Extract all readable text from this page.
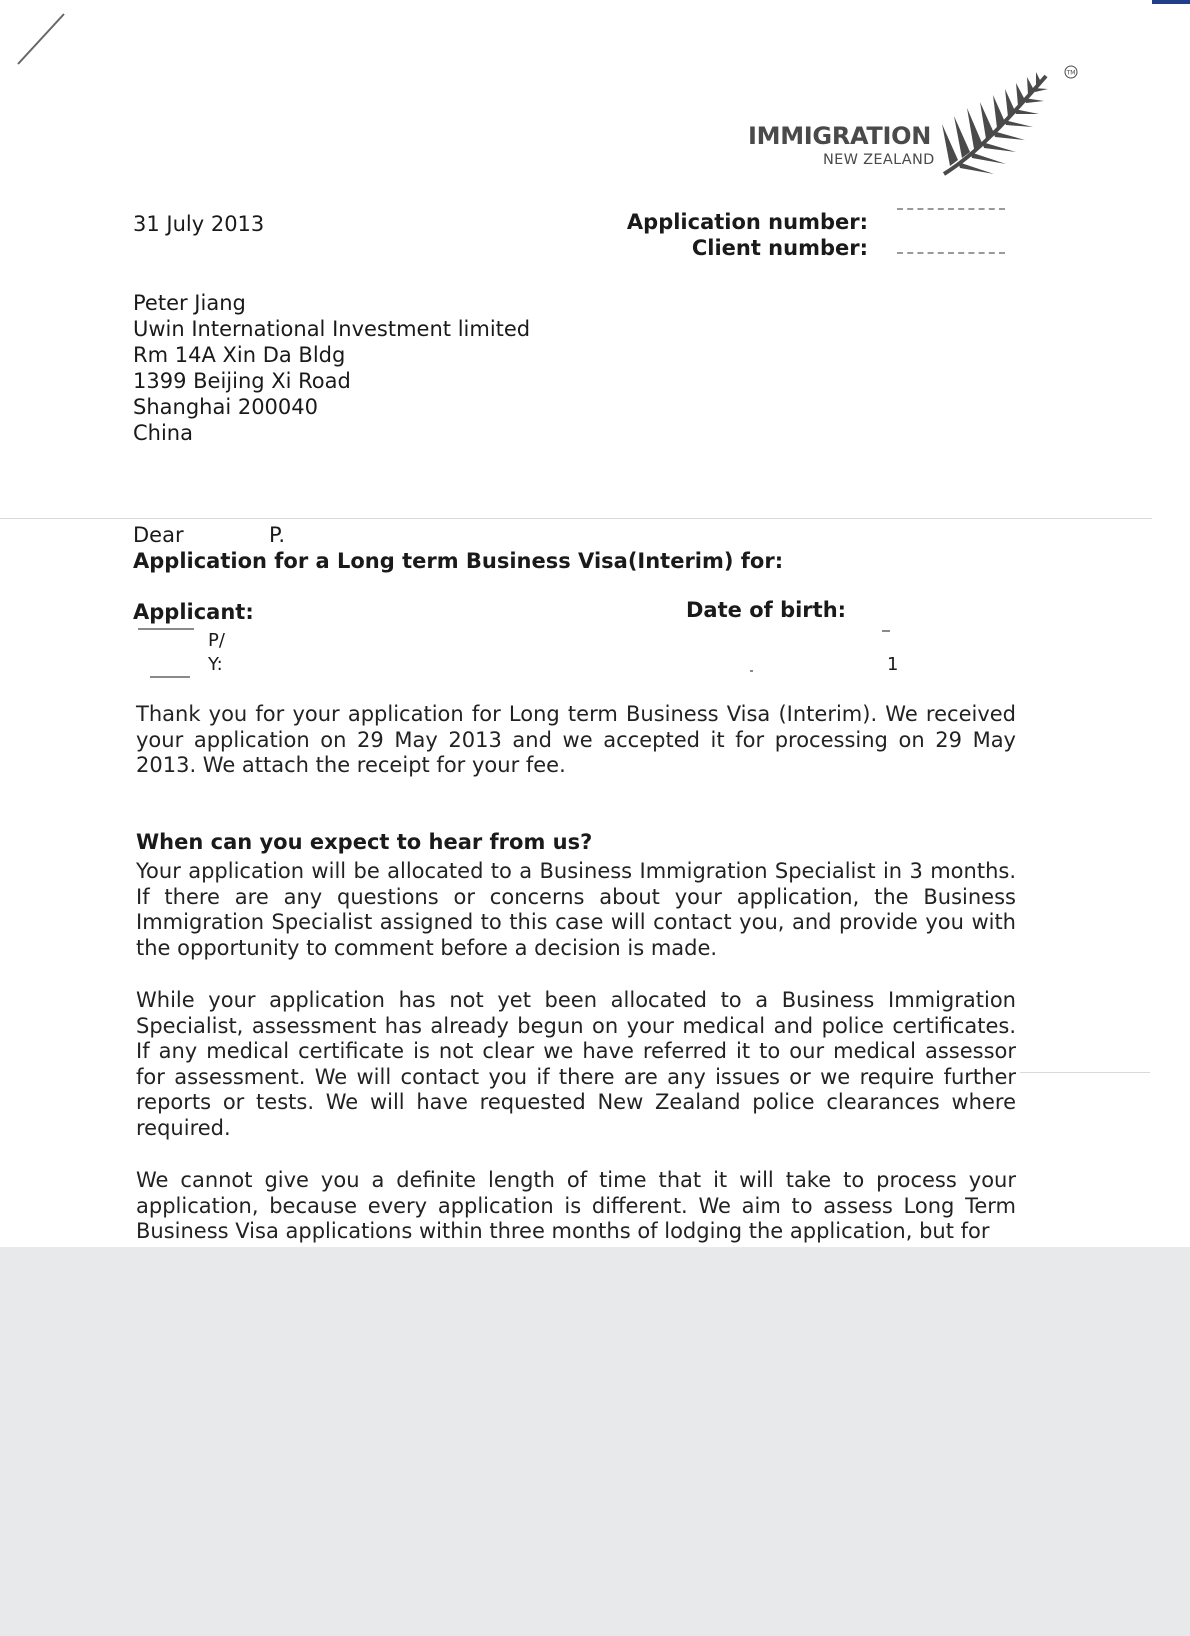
IMMIGRATION
NEW ZEALAND
TM
31 July 2013	Application number:
Client number:
Peter Jiang
Uwin International Investment limited
Rm 14A Xin Da Bldg
1399 Beijing Xi Road
Shanghai 200040
China
Dear	P.
Application for a Long term Business Visa(Interim) for:
Applicant:	Date of birth:
P/
Y:	1
Thank you for your application for Long term Business Visa (Interim). We received your application on 29 May 2013 and we accepted it for processing on 29 May 2013. We attach the receipt for your fee.
When can you expect to hear from us?
Your application will be allocated to a Business Immigration Specialist in 3 months. If there are any questions or concerns about your application, the Business Immigration Specialist assigned to this case will contact you, and provide you with the opportunity to comment before a decision is made.
While your application has not yet been allocated to a Business Immigration Specialist, assessment has already begun on your medical and police certificates. If any medical certificate is not clear we have referred it to our medical assessor for assessment. We will contact you if there are any issues or we require further reports or tests. We will have requested New Zealand police clearances where required.
We cannot give you a definite length of time that it will take to process your application, because every application is different. We aim to assess Long Term Business Visa applications within three months of lodging the application, but for
